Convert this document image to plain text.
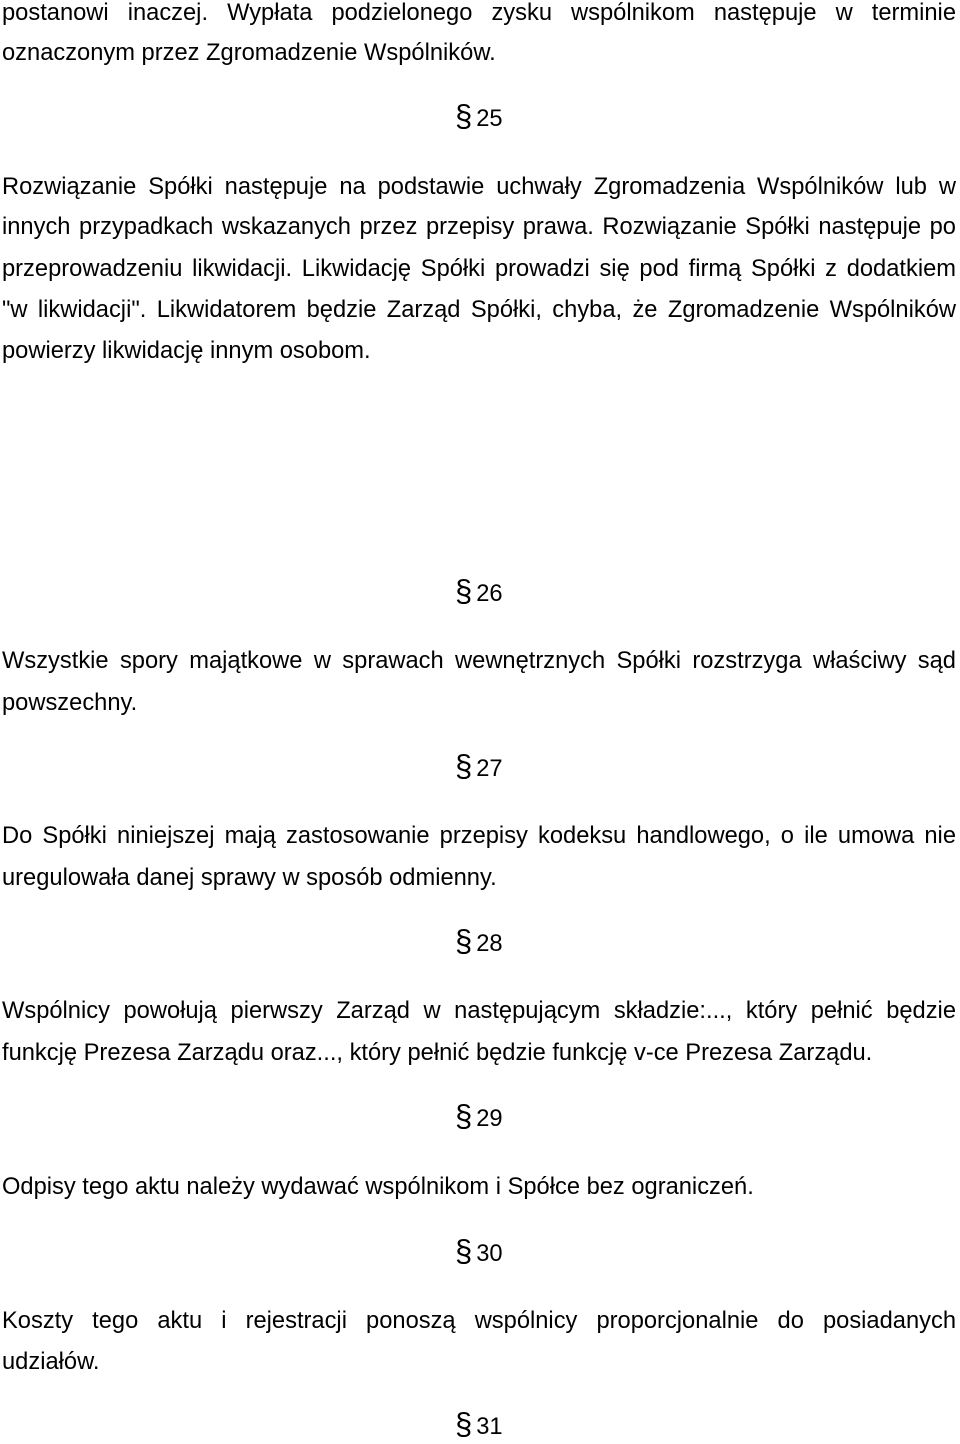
postanowi inaczej. Wypłata podzielonego zysku wspólnikom następuje w terminie
oznaczonym przez Zgromadzenie Wspólników.
§ 25
Rozwiązanie Spółki następuje na podstawie uchwały Zgromadzenia Wspólników lub w
innych przypadkach wskazanych przez przepisy prawa. Rozwiązanie Spółki następuje po
przeprowadzeniu likwidacji. Likwidację Spółki prowadzi się pod firmą Spółki z dodatkiem
"w likwidacji". Likwidatorem będzie Zarząd Spółki, chyba, że Zgromadzenie Wspólników
powierzy likwidację innym osobom.
§ 26
Wszystkie spory majątkowe w sprawach wewnętrznych Spółki rozstrzyga właściwy sąd
powszechny.
§ 27
Do Spółki niniejszej mają zastosowanie przepisy kodeksu handlowego, o ile umowa nie
uregulowała danej sprawy w sposób odmienny.
§ 28
Wspólnicy powołują pierwszy Zarząd w następującym składzie:..., który pełnić będzie
funkcję Prezesa Zarządu oraz..., który pełnić będzie funkcję v-ce Prezesa Zarządu.
§ 29
Odpisy tego aktu należy wydawać wspólnikom i Spółce bez ograniczeń.
§ 30
Koszty tego aktu i rejestracji ponoszą wspólnicy proporcjonalnie do posiadanych
udziałów.
§ 31
